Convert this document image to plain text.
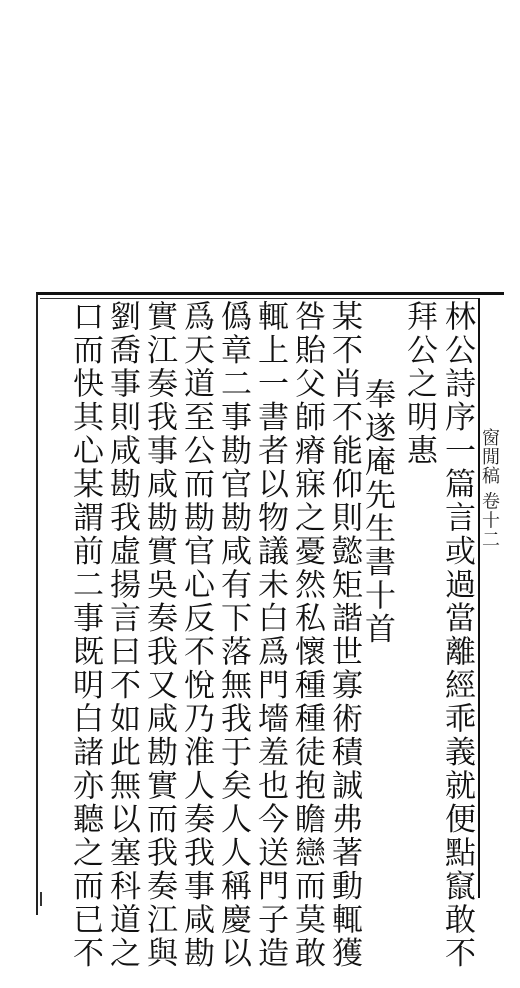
窗閒稿 卷十二
林公詩序一篇言或過當離經乖義就便點竄敢不
拜公之明惠
奉遂庵先生書十首
某不肖不能仰則懿矩諧世寡術積誠弗著動輒獲
咎貽父師瘠寐之憂然私懷種種徒抱瞻戀而莫敢
輒上一書者以物議未白爲門墻羞也今送門子造
僞章二事勘官勘咸有下落無我于矣人人稱慶以
爲天道至公而勘官心反不悅乃淮人奏我事咸勘
實江奏我事咸勘實吳奏我又咸勘實而我奏江與
劉喬事則咸勘我虛揚言曰不如此無以塞科道之
口而快其心某謂前二事既明白諸亦聽之而已不
